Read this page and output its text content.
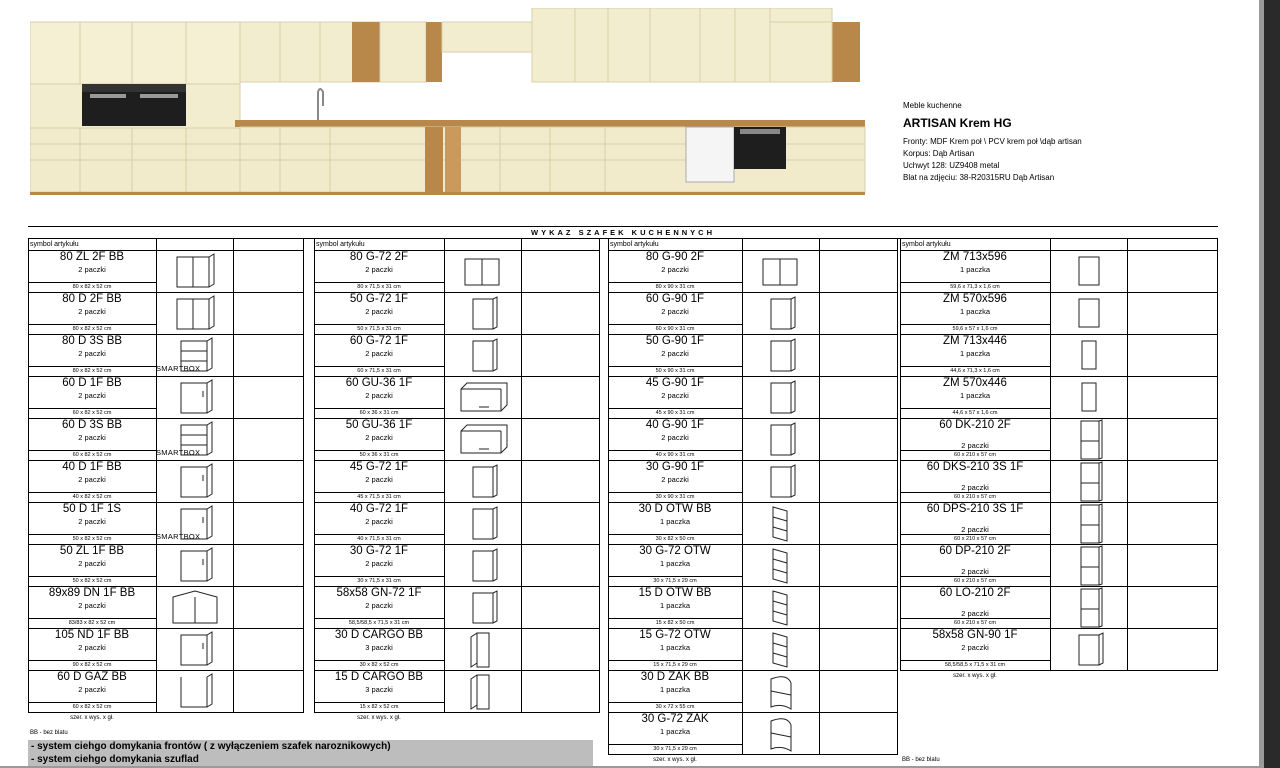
Meble kuchenne
ARTISAN Krem HG
Fronty: MDF Krem poł \ PCV krem poł \dąb artisan
Korpus: Dąb Artisan
Uchwyt 128: UZ9408 metal
Blat na zdjęciu: 38-R20315RU Dąb Artisan
WYKAZ SZAFEK KUCHENNYCH
symbol artykułu
80 ZL 2F BB
2 paczki
80 x 82 x 52 cm
80 D 2F BB
2 paczki
80 x 82 x 52 cm
80 D 3S BB
2 paczki
80 x 82 x 52 cm
60 D 1F BB
2 paczki
60 x 82 x 52 cm
60 D 3S BB
2 paczki
60 x 82 x 52 cm
40 D 1F BB
2 paczki
40 x 82 x 52 cm
50 D 1F 1S
2 paczki
50 x 82 x 52 cm
50 ZL 1F BB
2 paczki
50 x 82 x 52 cm
89x89 DN 1F BB
2 paczki
83/83 x 82 x 52 cm
105 ND 1F BB
2 paczki
90 x 82 x 52 cm
60 D GAZ BB
2 paczki
60 x 82 x 52 cm
szer. x wys. x gł.
symbol artykułu
80 G-72 2F
2 paczki
80 x 71,5 x 31 cm
50 G-72 1F
2 paczki
50 x 71,5 x 31 cm
60 G-72 1F
2 paczki
60 x 71,5 x 31 cm
60 GU-36 1F
2 paczki
60 x 36 x 31 cm
50 GU-36 1F
2 paczki
50 x 36 x 31 cm
45 G-72 1F
2 paczki
45 x 71,5 x 31 cm
40 G-72 1F
2 paczki
40 x 71,5 x 31 cm
30 G-72 1F
2 paczki
30 x 71,5 x 31 cm
58x58 GN-72 1F
2 paczki
58,5/58,5 x 71,5 x 31 cm
30 D CARGO BB
3 paczki
30 x 82 x 52 cm
15 D CARGO BB
3 paczki
15 x 82 x 52 cm
szer. x wys. x gł.
symbol artykułu
80 G-90 2F
2 paczki
80 x 90 x 31 cm
60 G-90 1F
2 paczki
60 x 90 x 31 cm
50 G-90 1F
2 paczki
50 x 90 x 31 cm
45 G-90 1F
2 paczki
45 x 90 x 31 cm
40 G-90 1F
2 paczki
40 x 90 x 31 cm
30 G-90 1F
2 paczki
30 x 90 x 31 cm
30 D OTW BB
1 paczka
30 x 82 x 50 cm
30 G-72 OTW
1 paczka
30 x 71,5 x 29 cm
15 D OTW BB
1 paczka
15 x 82 x 50 cm
15 G-72 OTW
1 paczka
15 x 71,5 x 29 cm
30 D ZAK BB
1 paczka
30 x 72 x 55 cm
30 G-72 ZAK
1 paczka
30 x 71,5 x 29 cm
szer. x wys. x gł.
symbol artykułu
ZM 713x596
1 paczka
59,6 x 71,3 x 1,6 cm
ZM 570x596
1 paczka
59,6 x 57 x 1,6 cm
ZM 713x446
1 paczka
44,6 x 71,3 x 1,6 cm
ZM 570x446
1 paczka
44,6 x 57 x 1,6 cm
60 DK-210 2F
2 paczki
60 x 210 x 57 cm
60 DKS-210 3S 1F
2 paczki
60 x 210 x 57 cm
60 DPS-210 3S 1F
2 paczki
60 x 210 x 57 cm
60 DP-210 2F
2 paczki
60 x 210 x 57 cm
60 LO-210 2F
2 paczki
60 x 210 x 57 cm
58x58 GN-90 1F
2 paczki
58,5/58,5 x 71,5 x 31 cm
szer. x wys. x gł.
SMARTBOX
SMARTBOX
SMARTBOX
BB - bez blatu
BB - bez blatu
- system ciehgo domykania frontów ( z wyłączeniem szafek naroznikowych)
- system ciehgo domykania szuflad
